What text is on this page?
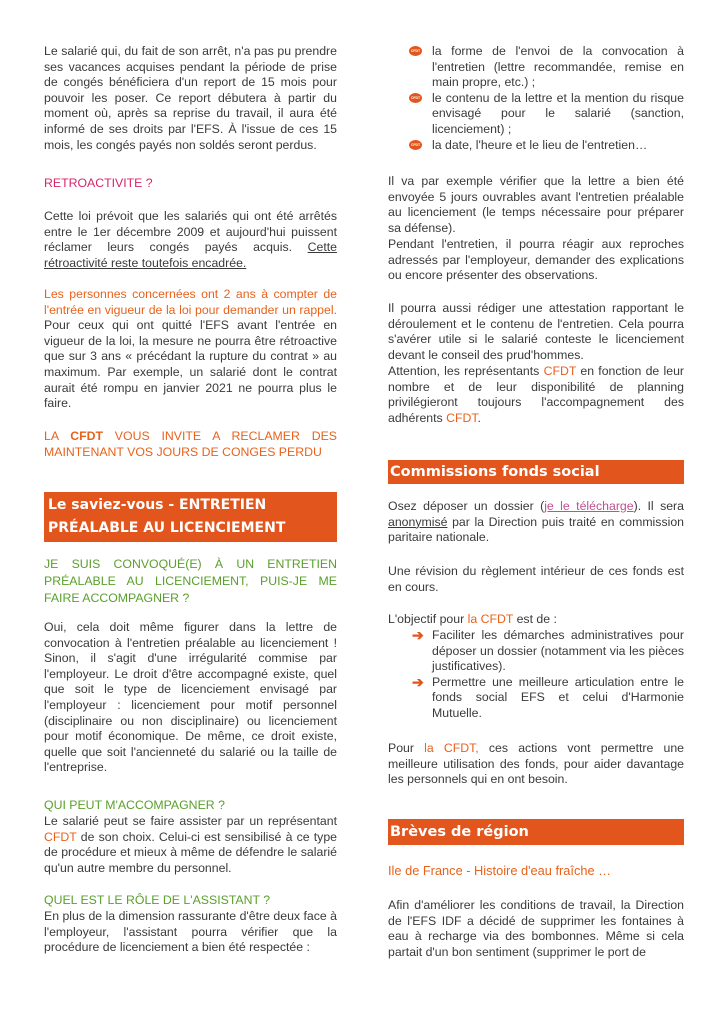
Le salarié qui, du fait de son arrêt, n'a pas pu prendre ses vacances acquises pendant la période de prise de congés bénéficiera d'un report de 15 mois pour pouvoir les poser. Ce report débutera à partir du moment où, après sa reprise du travail, il aura été informé de ses droits par l'EFS. À l'issue de ces 15 mois, les congés payés non soldés seront perdus.

RETROACTIVITE ?

Cette loi prévoit que les salariés qui ont été arrêtés entre le 1er décembre 2009 et aujourd'hui puissent réclamer leurs congés payés acquis. Cette rétroactivité reste toutefois encadrée.

Les personnes concernées ont 2 ans à compter de l'entrée en vigueur de la loi pour demander un rappel. Pour ceux qui ont quitté l'EFS avant l'entrée en vigueur de la loi, la mesure ne pourra être rétroactive que sur 3 ans « précédant la rupture du contrat » au maximum. Par exemple, un salarié dont le contrat aurait été rompu en janvier 2021 ne pourra plus le faire.

LA CFDT VOUS INVITE A RECLAMER DES MAINTENANT VOS JOURS DE CONGES PERDU

Le saviez-vous - ENTRETIEN PRÉALABLE AU LICENCIEMENT

JE SUIS CONVOQUÉ(E) À UN ENTRETIEN PRÉALABLE AU LICENCIEMENT, PUIS-JE ME FAIRE ACCOMPAGNER ?

Oui, cela doit même figurer dans la lettre de convocation à l'entretien préalable au licenciement ! Sinon, il s'agit d'une irrégularité commise par l'employeur. Le droit d'être accompagné existe, quel que soit le type de licenciement envisagé par l'employeur : licenciement pour motif personnel (disciplinaire ou non disciplinaire) ou licenciement pour motif économique. De même, ce droit existe, quelle que soit l'ancienneté du salarié ou la taille de l'entreprise.

QUI PEUT M'ACCOMPAGNER ?

Le salarié peut se faire assister par un représentant CFDT de son choix. Celui-ci est sensibilisé à ce type de procédure et mieux à même de défendre le salarié qu'un autre membre du personnel.

QUEL EST LE RÔLE DE L'ASSISTANT ?

En plus de la dimension rassurante d'être deux face à l'employeur, l'assistant pourra vérifier que la procédure de licenciement a bien été respectée :

CFDT la forme de l'envoi de la convocation à l'entretien (lettre recommandée, remise en main propre, etc.) ;

CFDT le contenu de la lettre et la mention du risque envisagé pour le salarié (sanction, licenciement) ;

CFDT la date, l'heure et le lieu de l'entretien…

Il va par exemple vérifier que la lettre a bien été envoyée 5 jours ouvrables avant l'entretien préalable au licenciement (le temps nécessaire pour préparer sa défense).

Pendant l'entretien, il pourra réagir aux reproches adressés par l'employeur, demander des explications ou encore présenter des observations.

Il pourra aussi rédiger une attestation rapportant le déroulement et le contenu de l'entretien. Cela pourra s'avérer utile si le salarié conteste le licenciement devant le conseil des prud'hommes.

Attention, les représentants CFDT en fonction de leur nombre et de leur disponibilité de planning privilégieront toujours l'accompagnement des adhérents CFDT.

Commissions fonds social

Osez déposer un dossier (je le télécharge). Il sera anonymisé par la Direction puis traité en commission paritaire nationale.

Une révision du règlement intérieur de ces fonds est en cours.

L'objectif pour la CFDT est de :

➔ Faciliter les démarches administratives pour déposer un dossier (notamment via les pièces justificatives).

➔ Permettre une meilleure articulation entre le fonds social EFS et celui d'Harmonie Mutuelle.

Pour la CFDT, ces actions vont permettre une meilleure utilisation des fonds, pour aider davantage les personnels qui en ont besoin.

Brèves de région

Ile de France - Histoire d'eau fraîche …

Afin d'améliorer les conditions de travail, la Direction de l'EFS IDF a décidé de supprimer les fontaines à eau à recharge via des bombonnes. Même si cela partait d'un bon sentiment (supprimer le port de
